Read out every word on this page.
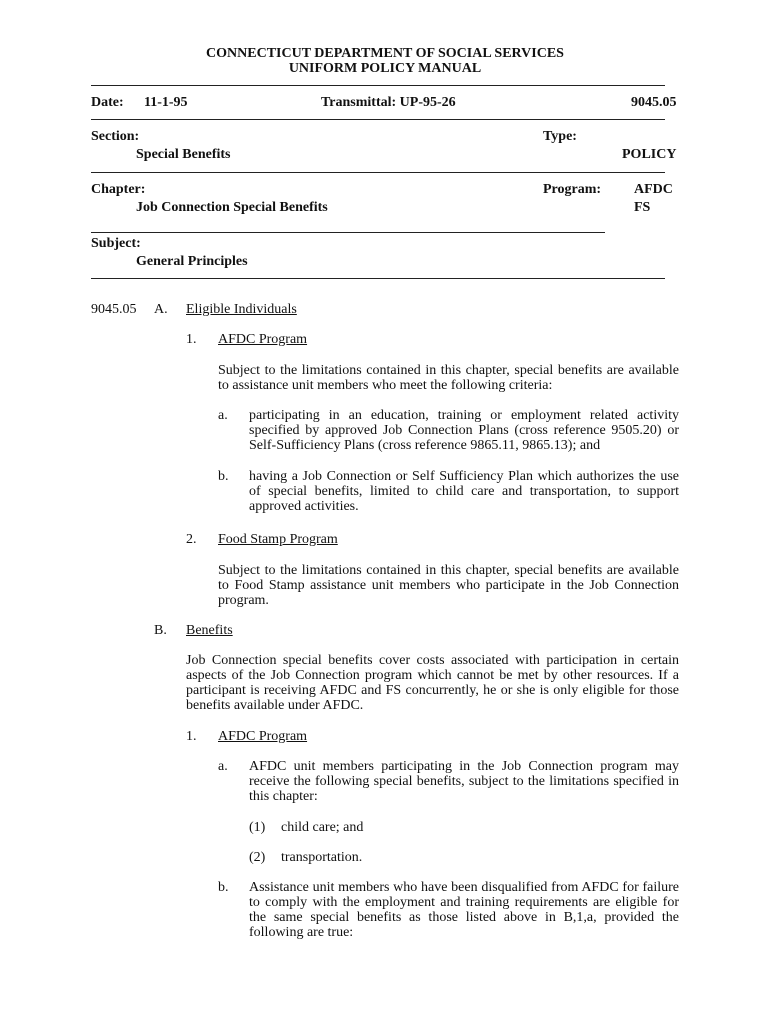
CONNECTICUT DEPARTMENT OF SOCIAL SERVICES
UNIFORM POLICY MANUAL
Date: 11-1-95	Transmittal: UP-95-26	9045.05
Section:
Special Benefits
Type:
POLICY
Chapter:
Job Connection Special Benefits
Program: AFDC
FS
Subject:
General Principles
9045.05 A. Eligible Individuals
1. AFDC Program
Subject to the limitations contained in this chapter, special benefits are available to assistance unit members who meet the following criteria:
a. participating in an education, training or employment related activity specified by approved Job Connection Plans (cross reference 9505.20) or Self-Sufficiency Plans (cross reference 9865.11, 9865.13); and
b. having a Job Connection or Self Sufficiency Plan which authorizes the use of special benefits, limited to child care and transportation, to support approved activities.
2. Food Stamp Program
Subject to the limitations contained in this chapter, special benefits are available to Food Stamp assistance unit members who participate in the Job Connection program.
B. Benefits
Job Connection special benefits cover costs associated with participation in certain aspects of the Job Connection program which cannot be met by other resources. If a participant is receiving AFDC and FS concurrently, he or she is only eligible for those benefits available under AFDC.
1. AFDC Program
a. AFDC unit members participating in the Job Connection program may receive the following special benefits, subject to the limitations specified in this chapter:
(1) child care; and
(2) transportation.
b. Assistance unit members who have been disqualified from AFDC for failure to comply with the employment and training requirements are eligible for the same special benefits as those listed above in B,1,a, provided the following are true:
